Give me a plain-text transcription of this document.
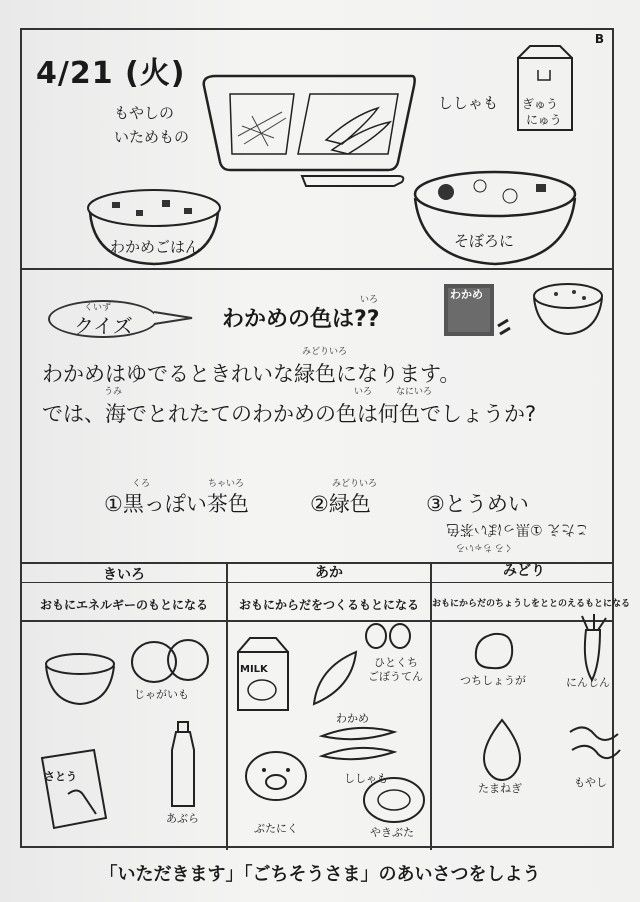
B
4/21 (火)
もやしの
いためもの
ししゃも ぎゅう
にゅう
わかめごはん	そぼろに
くいず
クイズ
いろ
わかめの色は??
わかめ
みどりいろ
わかめはゆでるときれいな緑色になります。
うみ	いろ	なにいろ
では、海でとれたてのわかめの色は何色でしょうか?
くろ	ちゃいろ
①黒っぽい茶色
みどりいろ
②緑色	③とうめい
こたえ ①黒っぽい茶色
くろ ちゃいろ
きいろ	あか	みどり
おもにエネルギーのもとになる	おもにからだをつくるもとになる	おもにからだのちょうしをととのえるもとになる
じゃがいも
さとう
あぶら
MILK
ひとくち
ごぼうてん
わかめ
ししゃも
ぶたにく	やきぶた
つちしょうが	にんじん
たまねぎ	もやし
「いただきます」「ごちそうさま」のあいさつをしよう
